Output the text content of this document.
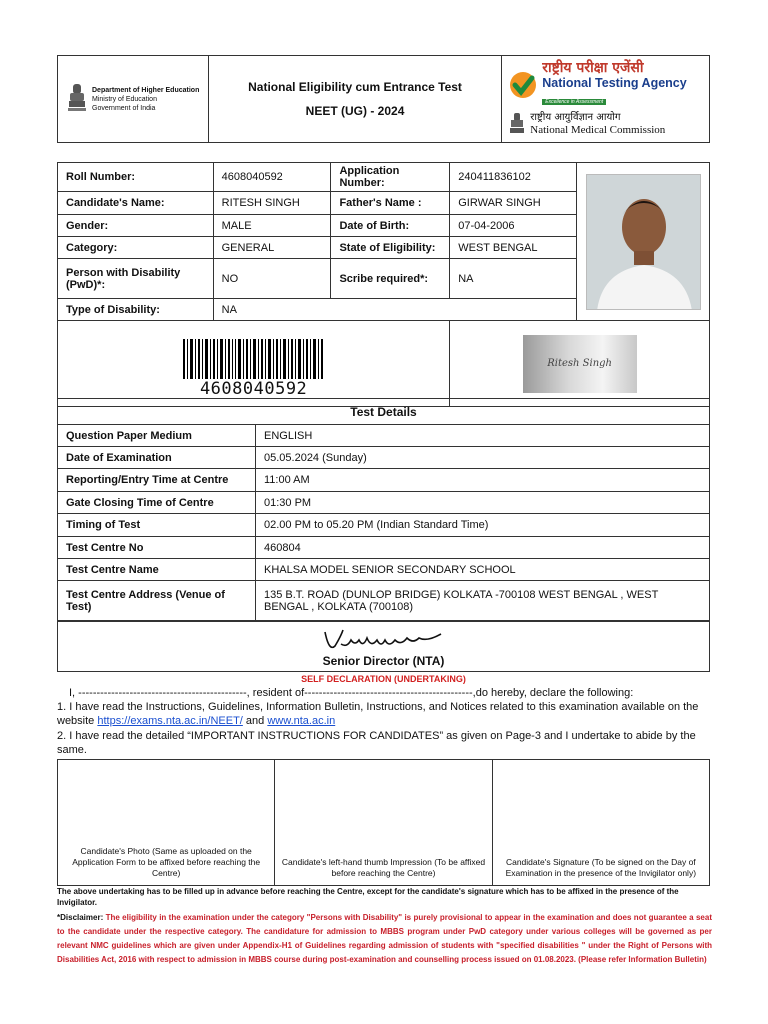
Department of Higher Education
Ministry of Education
Government of India

National Eligibility cum Entrance Test
NEET (UG) - 2024

राष्ट्रीय परीक्षा एजेंसी
National Testing Agency
Excellence in Assessment
राष्ट्रीय आयुर्विज्ञान आयोग
National Medical Commission
Roll Number:	4608040592	Application Number:	240411836102	

Candidate's Name:	RITESH SINGH	Father's Name :	GIRWAR SINGH	
Gender:	MALE	Date of Birth:	07-04-2006	
Category:	GENERAL	State of Eligibility:	WEST BENGAL	
Person with Disability (PwD)*:	NO	Scribe required*:	NA	
Type of Disability:	NA			

4608040592			Ritesh Singh	
Test Details	
Question Paper Medium	ENGLISH
Date of Examination	05.05.2024 (Sunday)
Reporting/Entry Time at Centre	11:00 AM
Gate Closing Time of Centre	01:30 PM
Timing of Test	02.00 PM to 05.20 PM (Indian Standard Time)
Test Centre No	460804
Test Centre Name	KHALSA MODEL SENIOR SECONDARY SCHOOL
Test Centre Address (Venue of Test)	135 B.T. ROAD (DUNLOP BRIDGE) KOLKATA -700108 WEST BENGAL , WEST BENGAL , KOLKATA (700108)
Senior Director (NTA)
SELF DECLARATION (UNDERTAKING)
I, ----------------------------------------------, resident of----------------------------------------------,do hereby, declare the following:
1. I have read the Instructions, Guidelines, Information Bulletin, Instructions, and Notices related to this examination available on the website https://exams.nta.ac.in/NEET/ and www.nta.ac.in
2. I have read the detailed “IMPORTANT INSTRUCTIONS FOR CANDIDATES” as given on Page-3 and I undertake to abide by the same.
Candidate's Photo (Same as uploaded on the Application Form to be affixed before reaching the Centre)	Candidate's left-hand thumb Impression (To be affixed before reaching the Centre)	Candidate's Signature (To be signed on the Day of Examination in the presence of the Invigilator only)
The above undertaking has to be filled up in advance before reaching the Centre, except for the candidate's signature which has to be affixed in the presence of the Invigilator.
*Disclaimer: The eligibility in the examination under the category "Persons with Disability" is purely provisional to appear in the examination and does not guarantee a seat to the candidate under the respective category. The candidature for admission to MBBS program under PwD category under various colleges will be governed as per relevant NMC guidelines which are given under Appendix-H1 of Guidelines regarding admission of students with "specified disabilities " under the Right of Persons with Disabilities Act, 2016 with respect to admission in MBBS course during post-examination and counselling process issued on 01.08.2023. (Please refer Information Bulletin)
